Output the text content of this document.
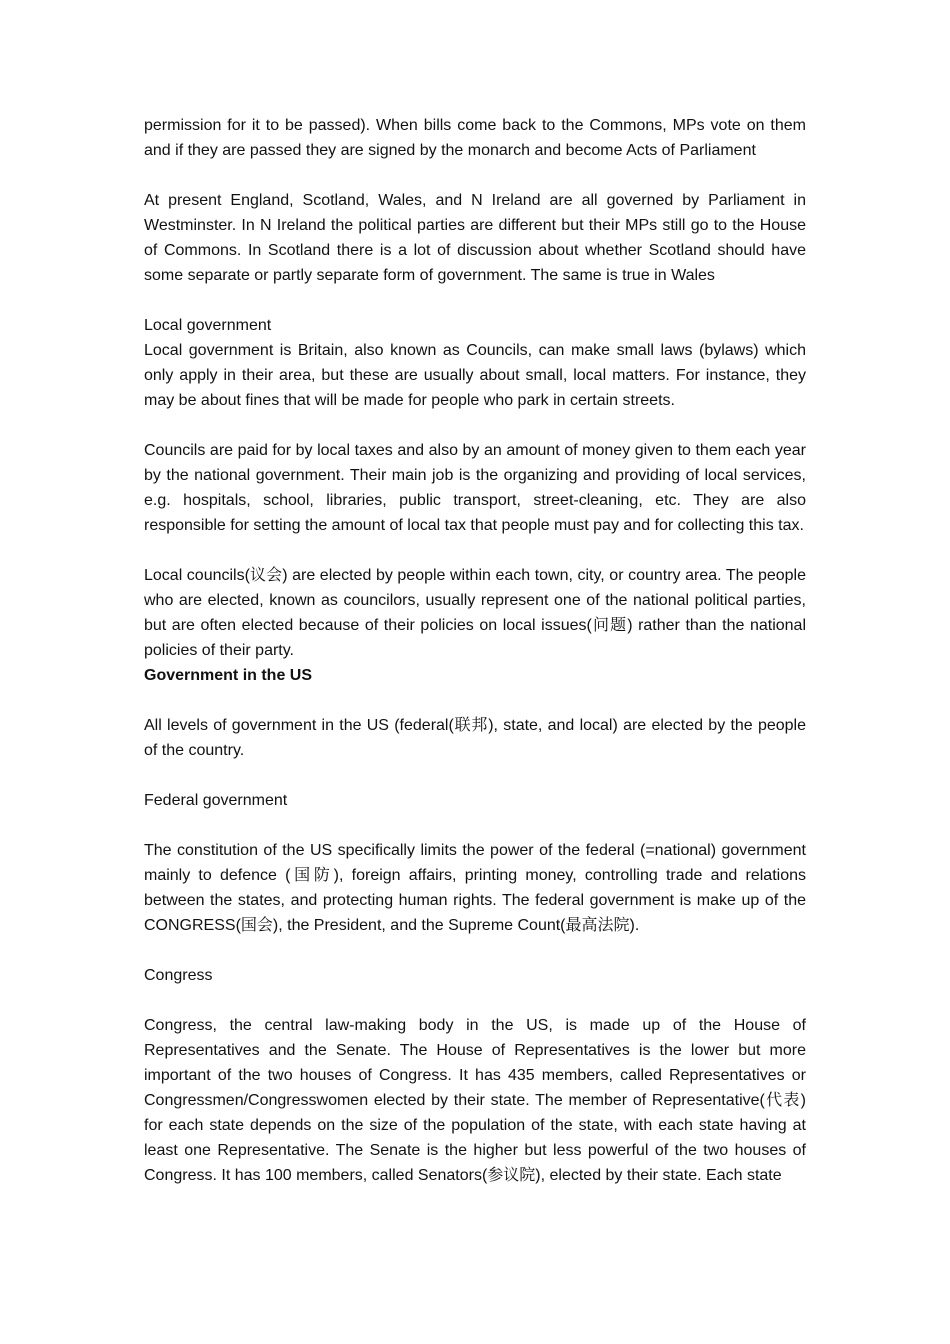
permission for it to be passed). When bills come back to the Commons, MPs vote on them and if they are passed they are signed by the monarch and become Acts of Parliament

At present England, Scotland, Wales, and N Ireland are all governed by Parliament in Westminster. In N Ireland the political parties are different but their MPs still go to the House of Commons. In Scotland there is a lot of discussion about whether Scotland should have some separate or partly separate form of government. The same is true in Wales

Local government

Local government is Britain, also known as Councils, can make small laws (bylaws) which only apply in their area, but these are usually about small, local matters. For instance, they may be about fines that will be made for people who park in certain streets.

Councils are paid for by local taxes and also by an amount of money given to them each year by the national government. Their main job is the organizing and providing of local services, e.g. hospitals, school, libraries, public transport, street-cleaning, etc. They are also responsible for setting the amount of local tax that people must pay and for collecting this tax.

Local councils(议会) are elected by people within each town, city, or country area. The people who are elected, known as councilors, usually represent one of the national political parties, but are often elected because of their policies on local issues(问题) rather than the national policies of their party.

Government in the US

All levels of government in the US (federal(联邦), state, and local) are elected by the people of the country.

Federal government

The constitution of the US specifically limits the power of the federal (=national) government mainly to defence (国防), foreign affairs, printing money, controlling trade and relations between the states, and protecting human rights. The federal government is make up of the CONGRESS(国会), the President, and the Supreme Count(最高法院).

Congress

Congress, the central law-making body in the US, is made up of the House of Representatives and the Senate. The House of Representatives is the lower but more important of the two houses of Congress. It has 435 members, called Representatives or Congressmen/Congresswomen elected by their state. The member of Representative(代表) for each state depends on the size of the population of the state, with each state having at least one Representative. The Senate is the higher but less powerful of the two houses of Congress. It has 100 members, called Senators(参议院), elected by their state. Each state
